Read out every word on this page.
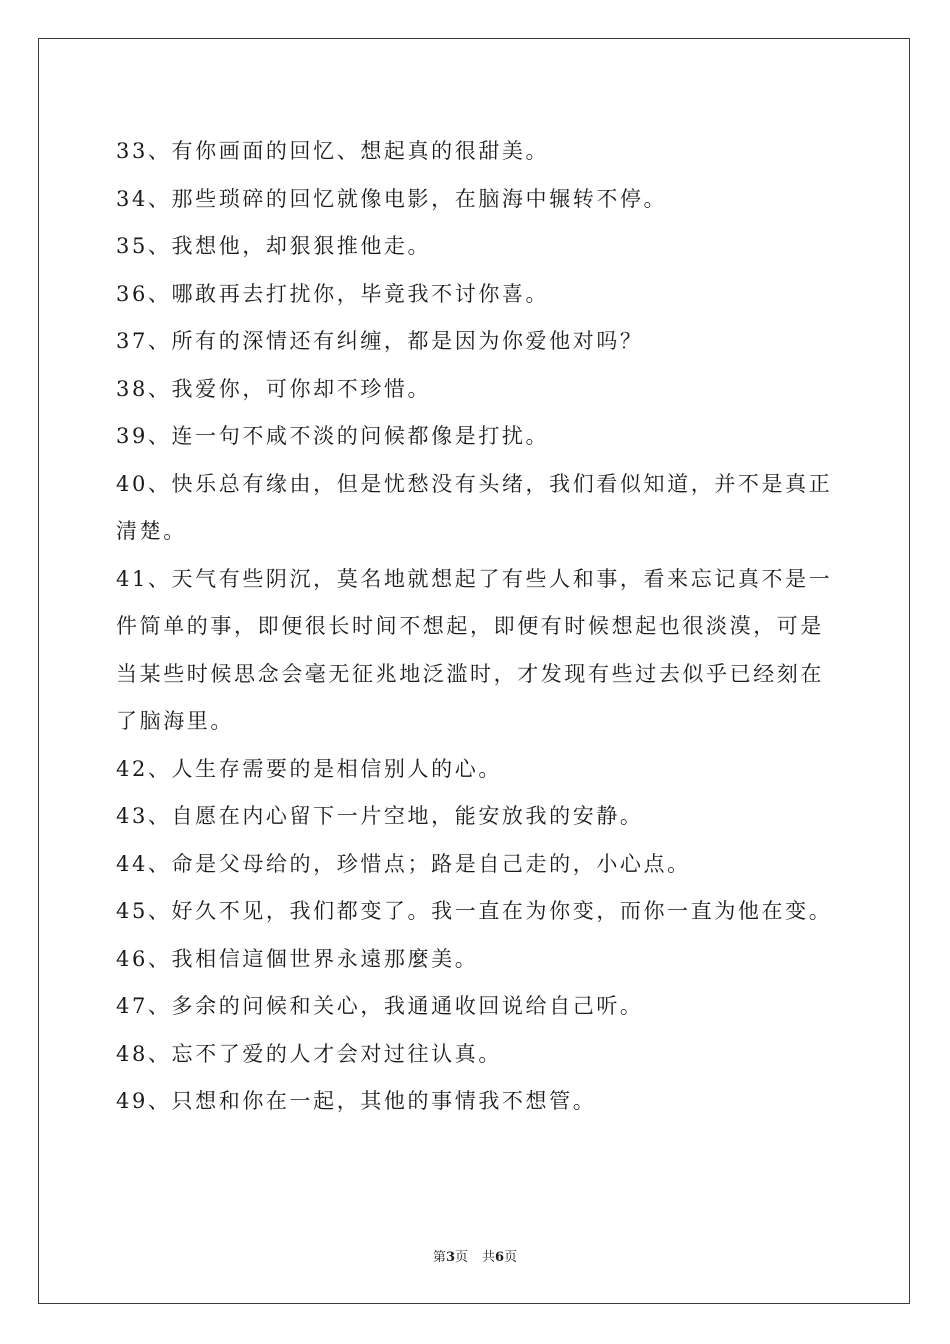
33、有你画面的回忆、想起真的很甜美。
34、那些琐碎的回忆就像电影，在脑海中辗转不停。
35、我想他，却狠狠推他走。
36、哪敢再去打扰你，毕竟我不讨你喜。
37、所有的深情还有纠缠，都是因为你爱他对吗？
38、我爱你，可你却不珍惜。
39、连一句不咸不淡的问候都像是打扰。
40、快乐总有缘由，但是忧愁没有头绪，我们看似知道，并不是真正
清楚。
41、天气有些阴沉，莫名地就想起了有些人和事，看来忘记真不是一
件简单的事，即便很长时间不想起，即便有时候想起也很淡漠，可是
当某些时候思念会毫无征兆地泛滥时，才发现有些过去似乎已经刻在
了脑海里。
42、人生存需要的是相信别人的心。
43、自愿在内心留下一片空地，能安放我的安静。
44、命是父母给的，珍惜点；路是自己走的，小心点。
45、好久不见，我们都变了。我一直在为你变，而你一直为他在变。
46、我相信這個世界永遠那麼美。
47、多余的问候和关心，我通通收回说给自己听。
48、忘不了爱的人才会对过往认真。
49、只想和你在一起，其他的事情我不想管。
第3页 共6页
